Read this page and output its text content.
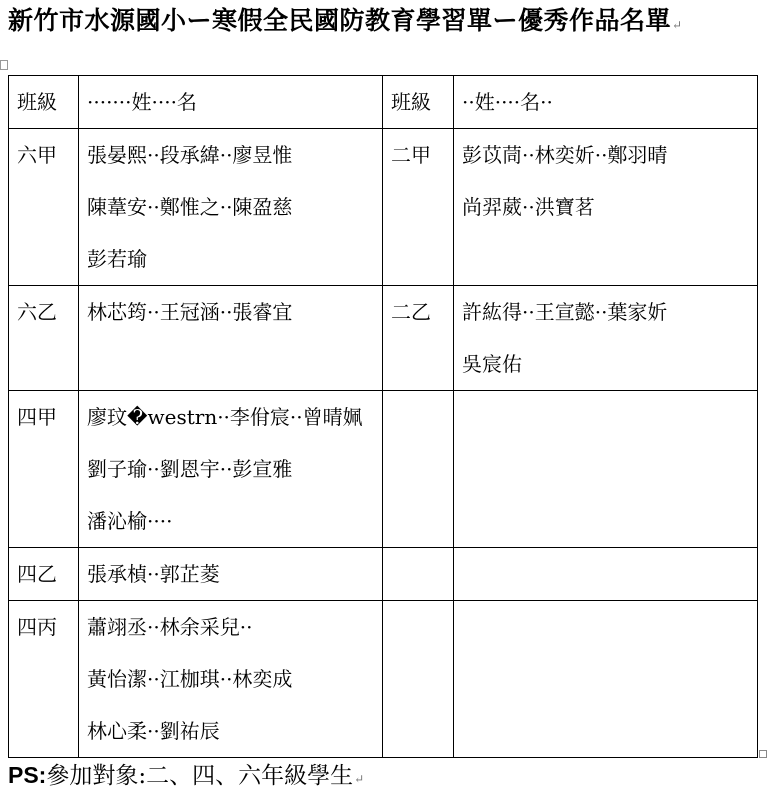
新竹市水源國小ー寒假全民國防教育學習單ー優秀作品名單↵
班級	·······姓····名	班級	··姓····名··

六甲	張晏熙··段承緯··廖昱惟
陳葦安··鄭惟之··陳盈慈
彭若瑜	二甲	彭苡茼··林奕妡··鄭羽晴
尚羿葳··洪寶茗

六乙	林芯筠··王冠涵··張睿宜	二乙	許紘得··王宣懿··葉家妡
吳宸佑

四甲	廖玟�westrn··李佾宸··曾晴姵
劉子瑜··劉恩宇··彭宣雅
潘沁榆····		

四乙	張承楨··郭芷菱		

四丙	蕭翊丞··林余采兒··
黃怡潔··江枷琪··林奕成
林心柔··劉祐辰		

PS:參加對象:二、四、六年級學生↵
